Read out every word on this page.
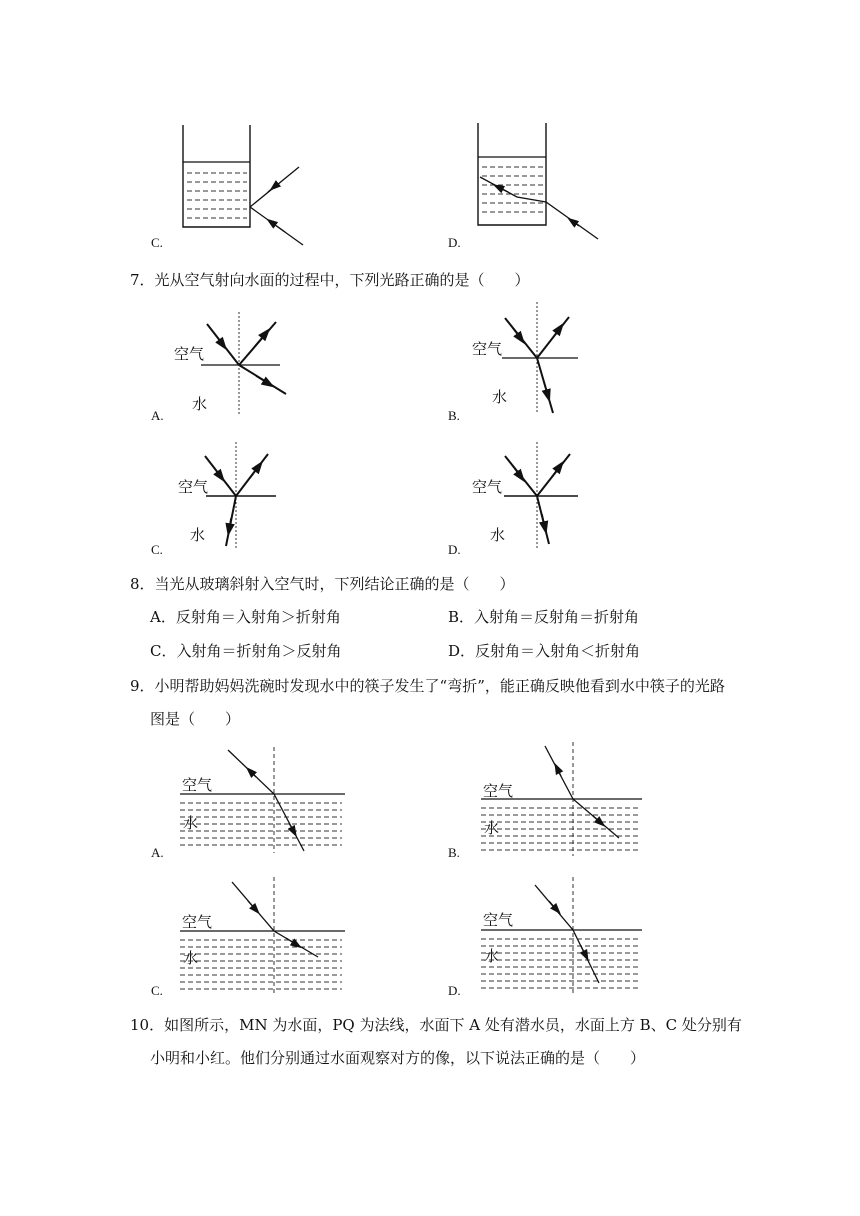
C.	D.
7．光从空气射向水面的过程中，下列光路正确的是（　　）
空气
水
A.
空气
水
B.
空气
水
C.
空气
水
D.
8．当光从玻璃斜射入空气时，下列结论正确的是（　　）
A．反射角＝入射角＞折射角	B．入射角＝反射角＝折射角
C．入射角＝折射角＞反射角	D．反射角＝入射角＜折射角
9．小明帮助妈妈洗碗时发现水中的筷子发生了“弯折”，能正确反映他看到水中筷子的光路
图是（　　）
空气
水
A.
空气
水
B.
空气
水
C.
空气
水
D.
10．如图所示，MN 为水面，PQ 为法线，水面下 A 处有潜水员，水面上方 B、C 处分别有
小明和小红。他们分别通过水面观察对方的像，以下说法正确的是（　　）
